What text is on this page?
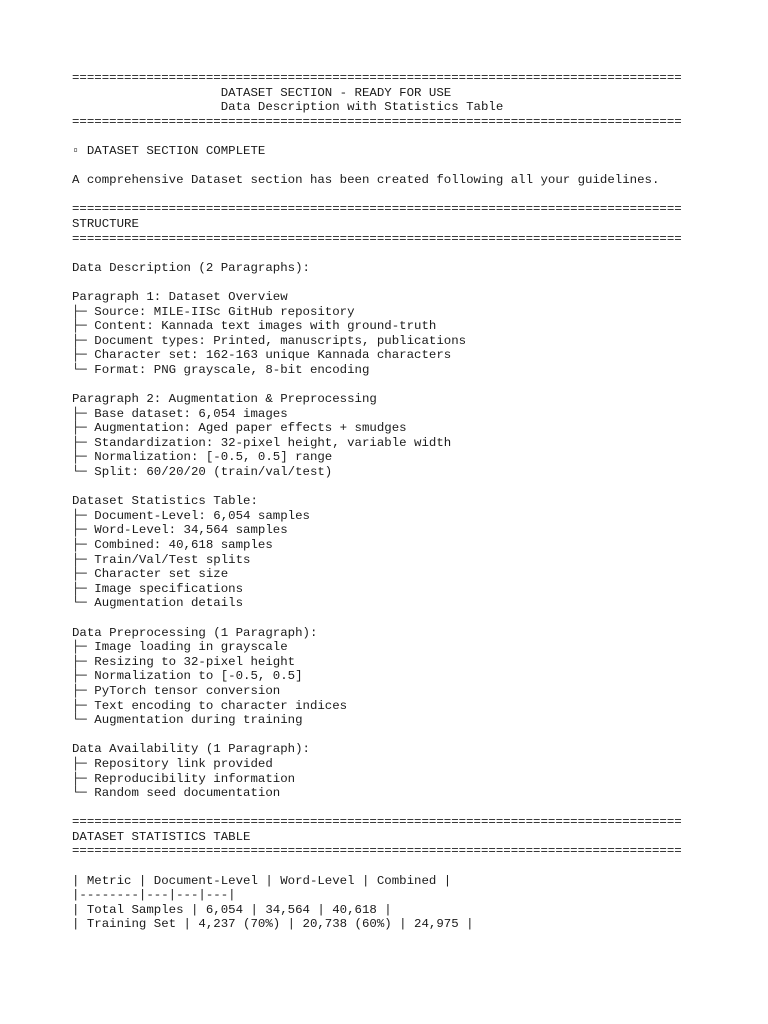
==================================================================================
DATASET SECTION - READY FOR USE
Data Description with Statistics Table
==================================================================================
▫ DATASET SECTION COMPLETE
A comprehensive Dataset section has been created following all your guidelines.
==================================================================================
STRUCTURE
==================================================================================
Data Description (2 Paragraphs):
Paragraph 1: Dataset Overview
├─ Source: MILE-IISc GitHub repository
├─ Content: Kannada text images with ground-truth
├─ Document types: Printed, manuscripts, publications
├─ Character set: 162-163 unique Kannada characters
└─ Format: PNG grayscale, 8-bit encoding
Paragraph 2: Augmentation & Preprocessing
├─ Base dataset: 6,054 images
├─ Augmentation: Aged paper effects + smudges
├─ Standardization: 32-pixel height, variable width
├─ Normalization: [-0.5, 0.5] range
└─ Split: 60/20/20 (train/val/test)
Dataset Statistics Table:
├─ Document-Level: 6,054 samples
├─ Word-Level: 34,564 samples
├─ Combined: 40,618 samples
├─ Train/Val/Test splits
├─ Character set size
├─ Image specifications
└─ Augmentation details
Data Preprocessing (1 Paragraph):
├─ Image loading in grayscale
├─ Resizing to 32-pixel height
├─ Normalization to [-0.5, 0.5]
├─ PyTorch tensor conversion
├─ Text encoding to character indices
└─ Augmentation during training
Data Availability (1 Paragraph):
├─ Repository link provided
├─ Reproducibility information
└─ Random seed documentation
==================================================================================
DATASET STATISTICS TABLE
==================================================================================
| Metric | Document-Level | Word-Level | Combined |
|--------|---|---|---|
| Total Samples | 6,054 | 34,564 | 40,618 |
| Training Set | 4,237 (70%) | 20,738 (60%) | 24,975 |
